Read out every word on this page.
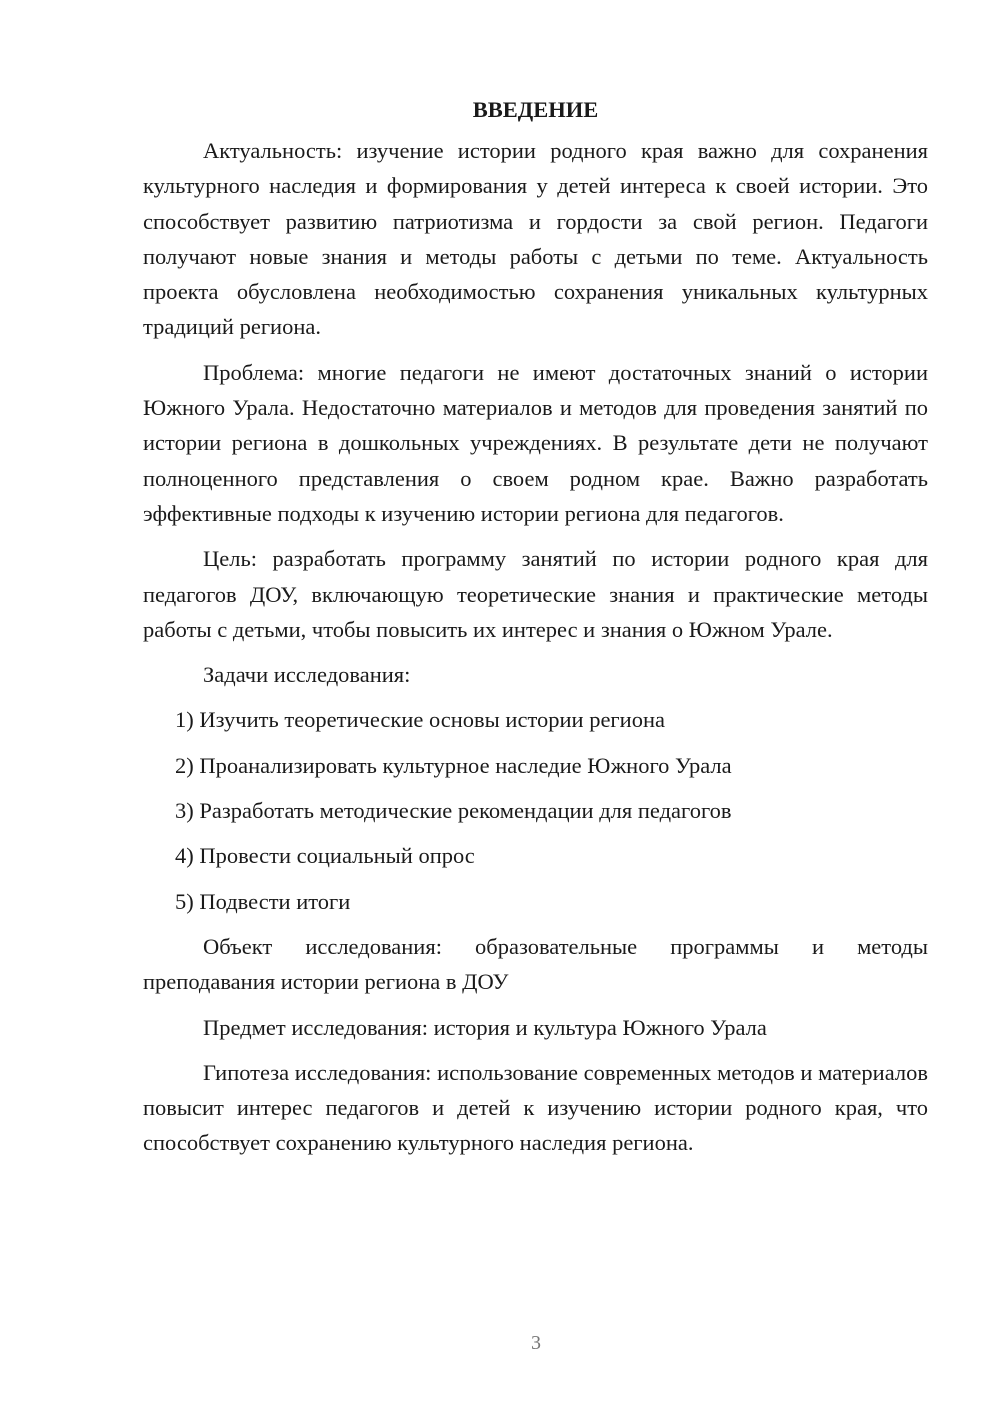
ВВЕДЕНИЕ

Актуальность: изучение истории родного края важно для сохранения культурного наследия и формирования у детей интереса к своей истории. Это способствует развитию патриотизма и гордости за свой регион. Педагоги получают новые знания и методы работы с детьми по теме. Актуальность проекта обусловлена необходимостью сохранения уникальных культурных традиций региона.

Проблема: многие педагоги не имеют достаточных знаний о истории Южного Урала. Недостаточно материалов и методов для проведения занятий по истории региона в дошкольных учреждениях. В результате дети не получают полноценного представления о своем родном крае. Важно разработать эффективные подходы к изучению истории региона для педагогов.

Цель: разработать программу занятий по истории родного края для педагогов ДОУ, включающую теоретические знания и практические методы работы с детьми, чтобы повысить их интерес и знания о Южном Урале.

Задачи исследования:

1) Изучить теоретические основы истории региона
2) Проанализировать культурное наследие Южного Урала
3) Разработать методические рекомендации для педагогов
4) Провести социальный опрос
5) Подвести итоги

Объект исследования: образовательные программы и методы преподавания истории региона в ДОУ

Предмет исследования: история и культура Южного Урала

Гипотеза исследования: использование современных методов и материалов повысит интерес педагогов и детей к изучению истории родного края, что способствует сохранению культурного наследия региона.

3
